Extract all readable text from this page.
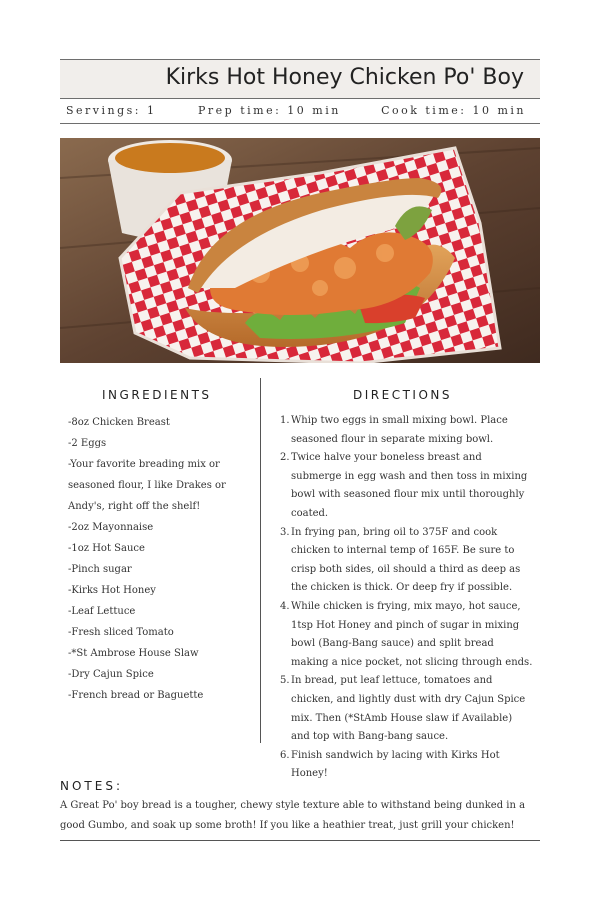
Kirks Hot Honey Chicken Po' Boy
Servings: 1	Prep time: 10 min	Cook time: 10 min
INGREDIENTS	DIRECTIONS
-8oz Chicken Breast
-2 Eggs
-Your favorite breading mix or seasoned flour, I like Drakes or Andy's, right off the shelf!
-2oz Mayonnaise
-1oz Hot Sauce
-Pinch sugar
-Kirks Hot Honey
-Leaf Lettuce
-Fresh sliced Tomato
-*St Ambrose House Slaw
-Dry Cajun Spice
-French bread or Baguette
1. Whip two eggs in small mixing bowl. Place seasoned flour in separate mixing bowl.
2. Twice halve your boneless breast and submerge in egg wash and then toss in mixing bowl with seasoned flour mix until thoroughly coated.
3. In frying pan, bring oil to 375F and cook chicken to internal temp of 165F. Be sure to crisp both sides, oil should a third as deep as the chicken is thick. Or deep fry if possible.
4. While chicken is frying, mix mayo, hot sauce, 1tsp Hot Honey and pinch of sugar in mixing bowl (Bang-Bang sauce) and split bread making a nice pocket, not slicing through ends.
5. In bread, put leaf lettuce, tomatoes and chicken, and lightly dust with dry Cajun Spice mix. Then (*StAmb House slaw if Available) and top with Bang-bang sauce.
6. Finish sandwich by lacing with Kirks Hot Honey!
NOTES:
A Great Po' boy bread is a tougher, chewy style texture able to withstand being dunked in a good Gumbo, and soak up some broth! If you like a heathier treat, just grill your chicken!
